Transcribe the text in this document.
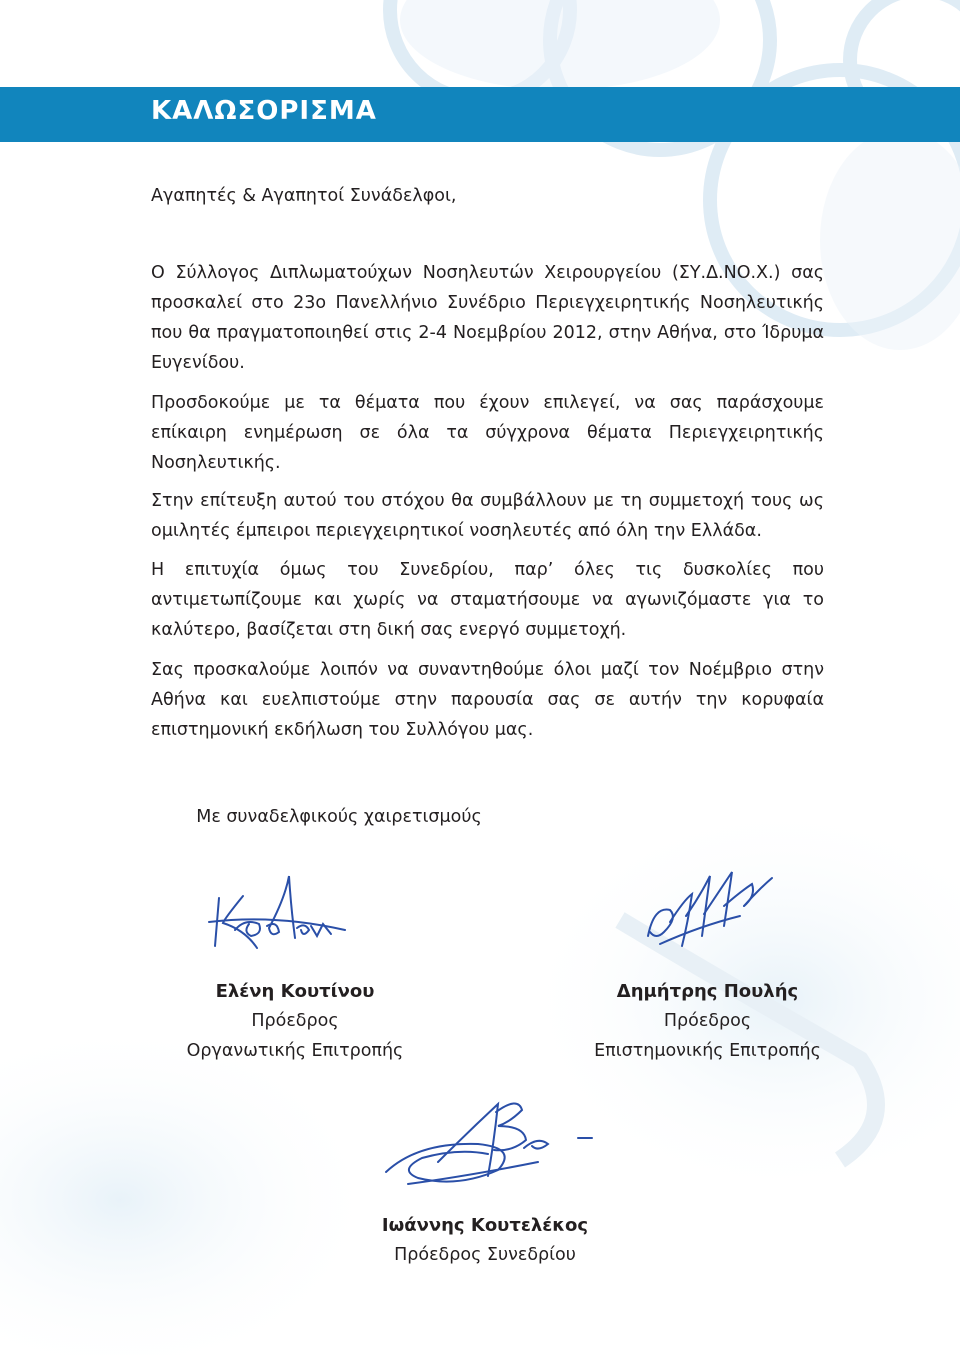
ΚΑΛΩΣΟΡΙΣΜΑ
Αγαπητές & Αγαπητοί Συνάδελφοι,
Ο Σύλλογος Διπλωματούχων Νοσηλευτών Χειρουργείου (ΣΥ.Δ.ΝΟ.Χ.) σας προσκαλεί στο 23ο Πανελλήνιο Συνέδριο Περιεγχειρητικής Νοσηλευτικής που θα πραγματοποιηθεί στις 2-4 Νοεμβρίου 2012, στην Αθήνα, στο Ίδρυμα Ευγενίδου.
Προσδοκούμε με τα θέματα που έχουν επιλεγεί, να σας παράσχουμε επίκαιρη ενημέρωση σε όλα τα σύγχρονα θέματα Περιεγχειρητικής Νοσηλευτικής.
Στην επίτευξη αυτού του στόχου θα συμβάλλουν με τη συμμετοχή τους ως ομιλητές έμπειροι περιεγχειρητικοί νοσηλευτές από όλη την Ελλάδα.
Η επιτυχία όμως του Συνεδρίου, παρ’ όλες τις δυσκολίες που αντιμετωπίζουμε και χωρίς να σταματήσουμε να αγωνιζόμαστε για το καλύτερο, βασίζεται στη δική σας ενεργό συμμετοχή.
Σας προσκαλούμε λοιπόν να συναντηθούμε όλοι μαζί τον Νοέμβριο στην Αθήνα και ευελπιστούμε στην παρουσία σας σε αυτήν την κορυφαία επιστημονική εκδήλωση του Συλλόγου μας.
Με συναδελφικούς χαιρετισμούς
Ελένη Κουτίνου
Πρόεδρος
Οργανωτικής Επιτροπής
Δημήτρης Πουλής
Πρόεδρος
Επιστημονικής Επιτροπής
Ιωάννης Κουτελέκος
Πρόεδρος Συνεδρίου
